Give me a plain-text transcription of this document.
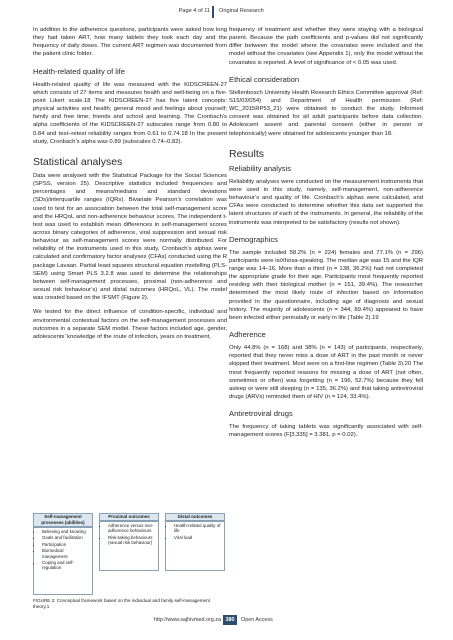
Page 4 of 11 Original Research

In addition to the adherence questions, participants were asked how long they had taken ART, how many tablets they took each day and the frequency of daily doses. The current ART regimen was documented from the patient clinic folder.

Health-related quality of life

Health-related quality of life was measured with the KIDSCREEN-27 which consists of 27 items and measures health and well-being on a five-point Likert scale.18 The KIDSCREEN-27 has five latent concepts: physical activities and health; general mood and feelings about yourself; family and free time; friends and school and learning. The Cronbach’s alpha coefficients of the KIDSCREEN-27 subscales range from 0.80 to 0.84 and test–retest reliability ranges from 0.61 to 0.74.18 In the present study, Cronbach’s alpha was 0.89 (subscales 0.74–0.82).

Statistical analyses

Data were analysed with the Statistical Package for the Social Sciences (SPSS, version 25). Descriptive statistics included frequencies and percentages and means/medians and standard deviations (SDs)/interquartile ranges (IQRs). Bivariate Pearson’s correlation was used to test for an association between the total self-management score and the HRQoL and non-adherence behaviour scores. The independent t-test was used to establish mean differences in self-management scores across binary categories of adherence, viral suppression and sexual risk behaviour as self-management scores were normally distributed. For reliability of the instruments used in this study, Cronbach’s alphas were calculated and confirmatory factor analyses (CFAs) conducted using the R package Lavaan. Partial least squares structural equation modelling (PLS-SEM) using Smart PLS 3.2.8 was used to determine the relationships between self-management processes, proximal (non-adherence and sexual risk behaviour’s) and distal outcomes (HRQoL, VL). The model was created based on the IFSMT (Figure 2).

We tested for the direct influence of condition-specific, individual and environmental contextual factors on the self-management processes and outcomes in a separate SEM model. These factors included age, gender, adolescents’ knowledge of the route of infection, years on treatment,

Self-management processes (abilities)
• Believing and knowing
• Goals and facilitation
• Participation
• Biomedical management
• Coping and self-regulation
Proximal outcomes
• Adherence versus non-adherence behaviours
• Risk-taking behaviours (sexual risk behaviour)
Distal outcomes
• Health-related quality of life
• Viral load
FIGURE 2: Conceptual framework based on the individual and family self-management theory.1

frequency of treatment and whether they were staying with a biological parent. Because the path coefficients and p-values did not significantly differ between the model where the covariates were included and the model without the covariates (see Appendix 1), only the model without the covariates is reported. A level of significance of < 0.05 was used.

Ethical consideration

Stellenbosch University Health Research Ethics Committee approval (Ref: S15/03/054) and Department of Health permission (Ref: WC_2015RP53_21) were obtained to conduct the study. Informed consent was obtained for all adult participants before data collection. Adolescent assent and parental consent (either in person or telephonically) were obtained for adolescents younger than 18.

Results
Reliability analysis

Reliability analyses were conducted on the measurement instruments that were used in this study, namely, self-management, non-adherence behaviour’s and quality of life. Cronbach’s alphas were calculated, and CFAs were conducted to determine whether this data set supported the latent structures of each of the instruments. In general, the reliability of the instruments was interpreted to be satisfactory (results not shown).

Demographics

The sample included 58.2% (n = 224) females and 77.1% (n = 296) participants were isiXhosa-speaking. The median age was 15 and the IQR range was 14–16. More than a third (n = 138, 36.2%) had not completed the appropriate grade for their age. Participants most frequently reported residing with their biological mother (n = 151, 39.4%). The researcher determined the most likely route of infection based on information provided in the questionnaire, including age of diagnosis and sexual history. The majority of adolescents (n = 344, 89.4%) appeared to have been infected either perinatally or early in life (Table 2).19

Adherence

Only 44.8% (n = 168) and 38% (n = 143) of participants, respectively, reported that they never miss a dose of ART in the past month or never skipped their treatment. Most were on a first-line regimen (Table 3).20 The most frequently reported reasons for missing a dose of ART (not often, sometimes or often) was forgetting (n = 196, 52.7%) because they fell asleep or were still sleeping (n = 135, 36.2%) and that taking antiretroviral drugs (ARVs) reminded them of HIV (n = 124, 33.4%).

Antiretroviral drugs

The frequency of taking tablets was significantly associated with self-management scores (F[3.335] = 3.381, p = 0.02).

http://www.sajhivmed.org.za 380	Open Access
